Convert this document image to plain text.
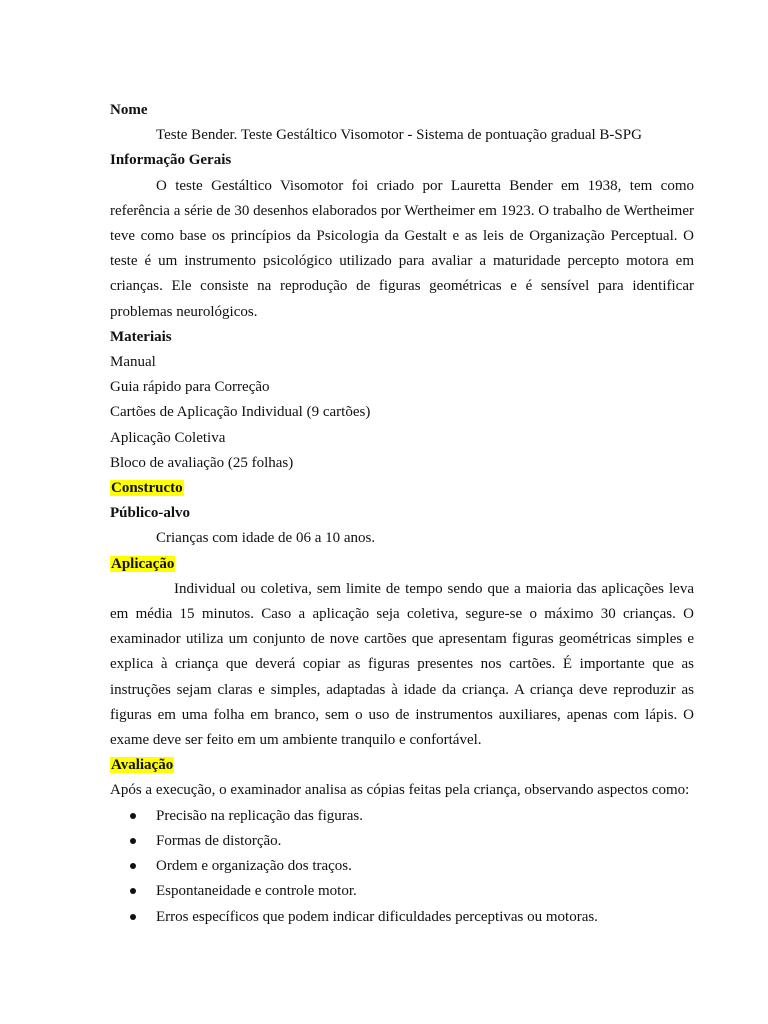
Nome

Teste Bender. Teste Gestáltico Visomotor - Sistema de pontuação gradual B-SPG

Informação Gerais

O teste Gestáltico Visomotor foi criado por Lauretta Bender em 1938, tem como referência a série de 30 desenhos elaborados por Wertheimer em 1923. O trabalho de Wertheimer teve como base os princípios da Psicologia da Gestalt e as leis de Organização Perceptual. O teste é um instrumento psicológico utilizado para avaliar a maturidade percepto motora em crianças. Ele consiste na reprodução de figuras geométricas e é sensível para identificar problemas neurológicos.

Materiais

Manual

Guia rápido para Correção

Cartões de Aplicação Individual (9 cartões)

Aplicação Coletiva

Bloco de avaliação (25 folhas)

Constructo

Público-alvo

Crianças com idade de 06 a 10 anos.

Aplicação

Individual ou coletiva, sem limite de tempo sendo que a maioria das aplicações leva em média 15 minutos. Caso a aplicação seja coletiva, segure-se o máximo 30 crianças. O examinador utiliza um conjunto de nove cartões que apresentam figuras geométricas simples e explica à criança que deverá copiar as figuras presentes nos cartões. É importante que as instruções sejam claras e simples, adaptadas à idade da criança. A criança deve reproduzir as figuras em uma folha em branco, sem o uso de instrumentos auxiliares, apenas com lápis. O exame deve ser feito em um ambiente tranquilo e confortável.

Avaliação

Após a execução, o examinador analisa as cópias feitas pela criança, observando aspectos como:

Precisão na replicação das figuras.
Formas de distorção.
Ordem e organização dos traços.
Espontaneidade e controle motor.
Erros específicos que podem indicar dificuldades perceptivas ou motoras.
